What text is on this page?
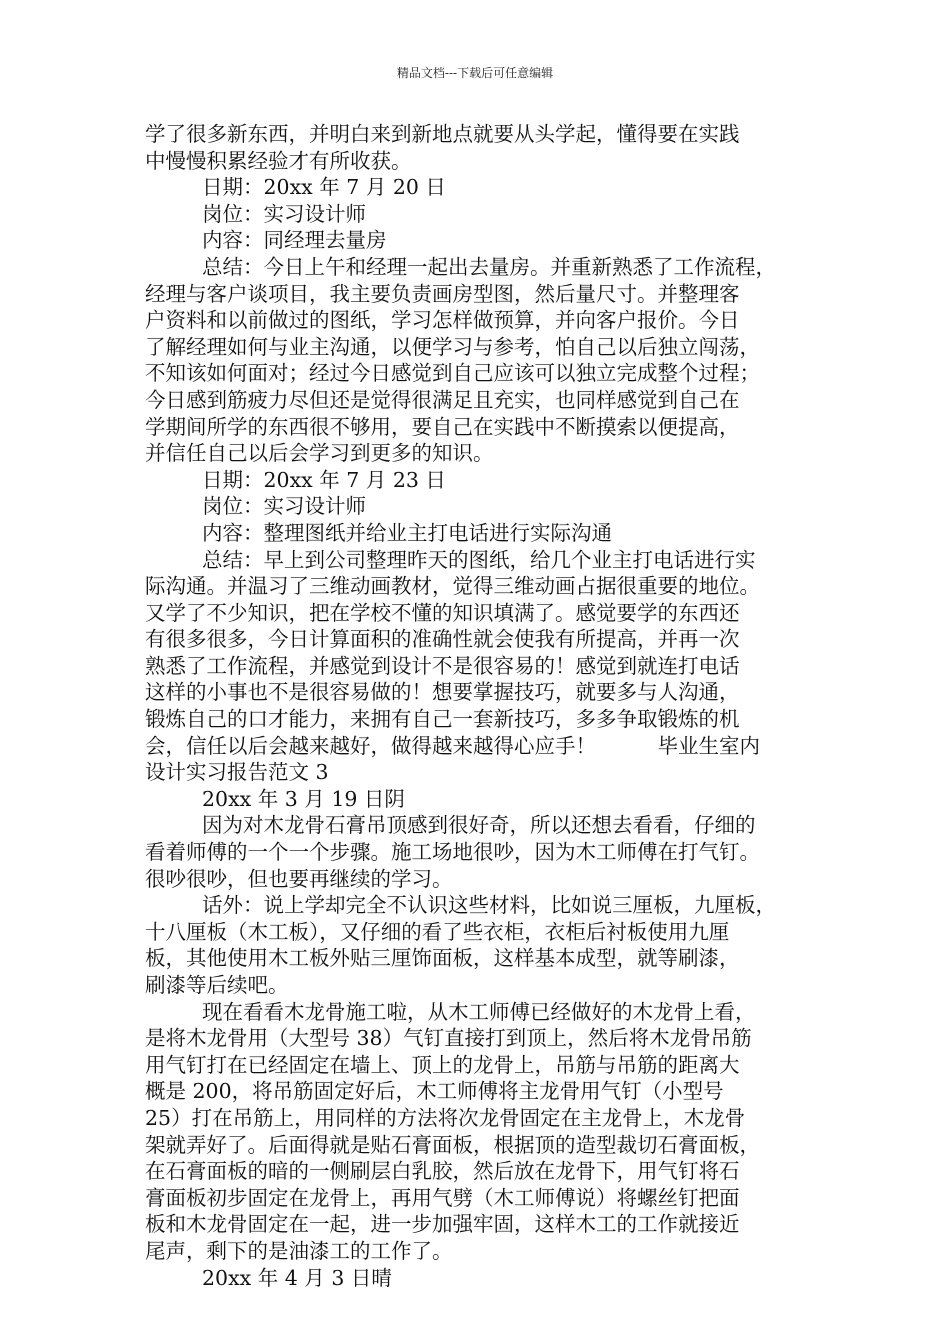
精品文档---下载后可任意编辑
学了很多新东西，并明白来到新地点就要从头学起，懂得要在实践
中慢慢积累经验才有所收获。
日期：20xx 年 7 月 20 日
岗位：实习设计师
内容：同经理去量房
总结：今日上午和经理一起出去量房。并重新熟悉了工作流程，
经理与客户谈项目，我主要负责画房型图，然后量尺寸。并整理客
户资料和以前做过的图纸，学习怎样做预算，并向客户报价。今日
了解经理如何与业主沟通，以便学习与参考，怕自己以后独立闯荡，
不知该如何面对；经过今日感觉到自己应该可以独立完成整个过程；
今日感到筋疲力尽但还是觉得很满足且充实，也同样感觉到自己在
学期间所学的东西很不够用，要自己在实践中不断摸索以便提高，
并信任自己以后会学习到更多的知识。
日期：20xx 年 7 月 23 日
岗位：实习设计师
内容：整理图纸并给业主打电话进行实际沟通
总结：早上到公司整理昨天的图纸，给几个业主打电话进行实
际沟通。并温习了三维动画教材，觉得三维动画占据很重要的地位。
又学了不少知识，把在学校不懂的知识填满了。感觉要学的东西还
有很多很多，今日计算面积的准确性就会使我有所提高，并再一次
熟悉了工作流程，并感觉到设计不是很容易的！感觉到就连打电话
这样的小事也不是很容易做的！想要掌握技巧，就要多与人沟通，
锻炼自己的口才能力，来拥有自己一套新技巧，多多争取锻炼的机
会，信任以后会越来越好，做得越来越得心应手！　　　毕业生室内
设计实习报告范文 3
20xx 年 3 月 19 日阴
因为对木龙骨石膏吊顶感到很好奇，所以还想去看看，仔细的
看着师傅的一个一个步骤。施工场地很吵，因为木工师傅在打气钉。
很吵很吵，但也要再继续的学习。
话外：说上学却完全不认识这些材料，比如说三厘板，九厘板，
十八厘板（木工板），又仔细的看了些衣柜，衣柜后衬板使用九厘
板，其他使用木工板外贴三厘饰面板，这样基本成型，就等刷漆，
刷漆等后续吧。
现在看看木龙骨施工啦，从木工师傅已经做好的木龙骨上看，
是将木龙骨用（大型号 38）气钉直接打到顶上，然后将木龙骨吊筋
用气钉打在已经固定在墙上、顶上的龙骨上，吊筋与吊筋的距离大
概是 200，将吊筋固定好后，木工师傅将主龙骨用气钉（小型号
25）打在吊筋上，用同样的方法将次龙骨固定在主龙骨上，木龙骨
架就弄好了。后面得就是贴石膏面板，根据顶的造型裁切石膏面板，
在石膏面板的暗的一侧刷层白乳胶，然后放在龙骨下，用气钉将石
膏面板初步固定在龙骨上，再用气劈（木工师傅说）将螺丝钉把面
板和木龙骨固定在一起，进一步加强牢固，这样木工的工作就接近
尾声，剩下的是油漆工的工作了。
20xx 年 4 月 3 日晴
